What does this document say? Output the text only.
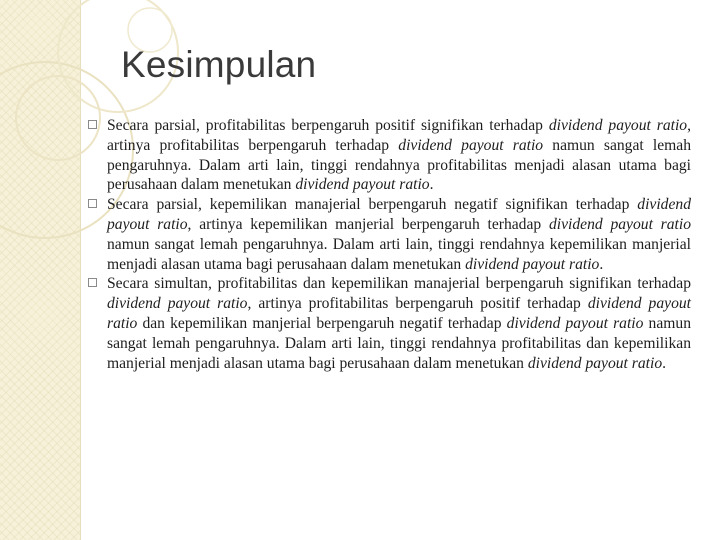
Kesimpulan
Secara parsial, profitabilitas berpengaruh positif signifikan terhadap dividend payout ratio, artinya profitabilitas berpengaruh terhadap dividend payout ratio namun sangat lemah pengaruhnya. Dalam arti lain, tinggi rendahnya profitabilitas menjadi alasan utama bagi perusahaan dalam menetukan dividend payout ratio.
Secara parsial, kepemilikan manajerial berpengaruh negatif signifikan terhadap dividend payout ratio, artinya kepemilikan manjerial berpengaruh terhadap dividend payout ratio namun sangat lemah pengaruhnya. Dalam arti lain, tinggi rendahnya kepemilikan manjerial menjadi alasan utama bagi perusahaan dalam menetukan dividend payout ratio.
Secara simultan, profitabilitas dan kepemilikan manajerial berpengaruh signifikan terhadap dividend payout ratio, artinya profitabilitas berpengaruh positif terhadap dividend payout ratio dan kepemilikan manjerial berpengaruh negatif terhadap dividend payout ratio namun sangat lemah pengaruhnya. Dalam arti lain, tinggi rendahnya profitabilitas dan kepemilikan manjerial menjadi alasan utama bagi perusahaan dalam menetukan dividend payout ratio.
